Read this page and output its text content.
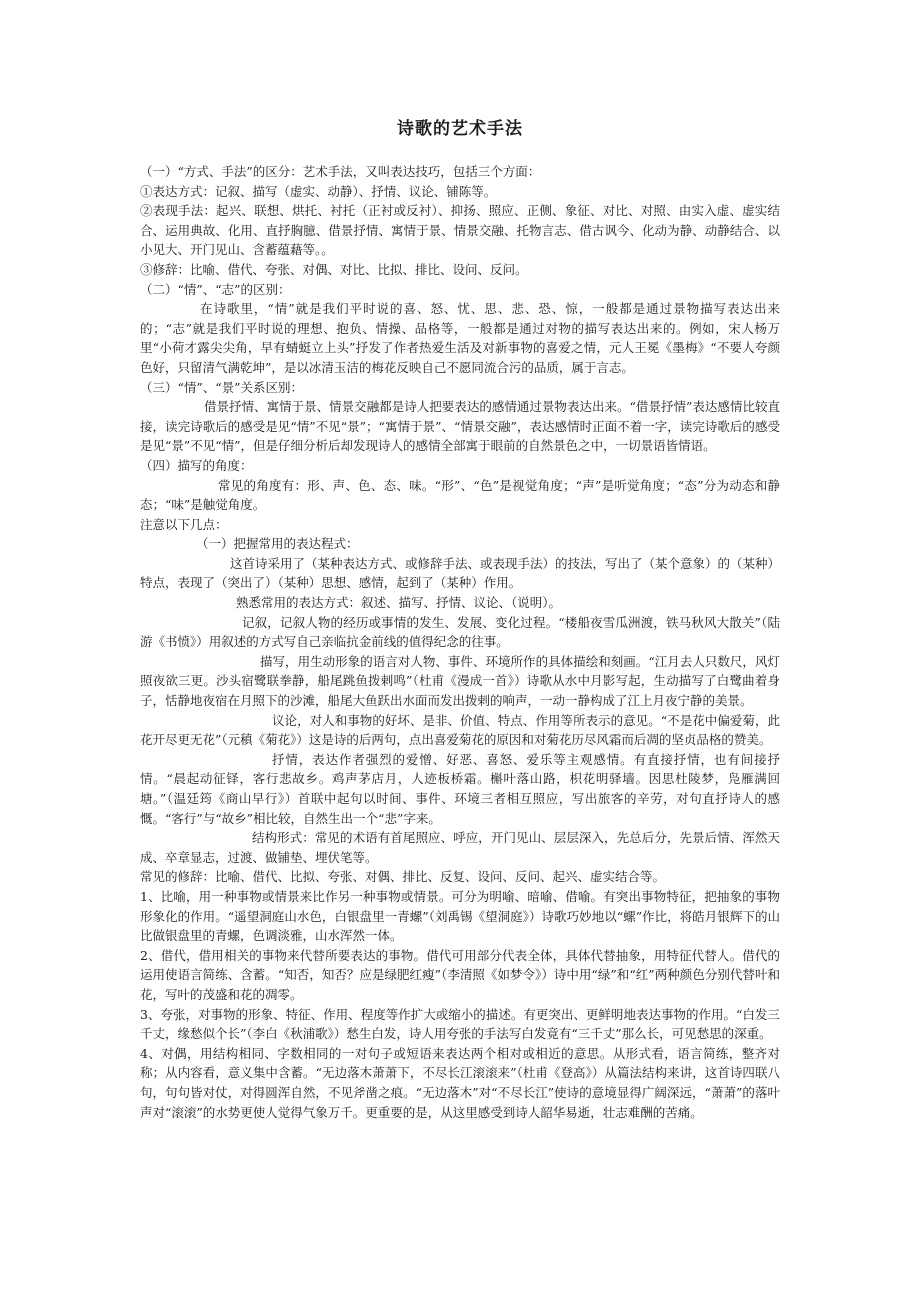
诗歌的艺术手法

（一）“方式、手法”的区分：艺术手法，又叫表达技巧，包括三个方面：

①表达方式：记叙、描写（虚实、动静）、抒情、议论、铺陈等。

②表现手法：起兴、联想、烘托、衬托（正衬或反衬）、抑扬、照应、正侧、象征、对比、对照、由实入虚、虚实结合、运用典故、化用、直抒胸臆、借景抒情、寓情于景、情景交融、托物言志、借古讽今、化动为静、动静结合、以小见大、开门见山、含蓄蕴藉等。。

③修辞：比喻、借代、夸张、对偶、对比、比拟、排比、设问、反问。

（二）“情”、“志”的区别：

在诗歌里，“情”就是我们平时说的喜、怒、忧、思、悲、恐、惊，一般都是通过景物描写表达出来的；“志”就是我们平时说的理想、抱负、情操、品格等，一般都是通过对物的描写表达出来的。例如，宋人杨万里“小荷才露尖尖角，早有蜻蜓立上头”抒发了作者热爱生活及对新事物的喜爱之情，元人王冕《墨梅》“不要人夸颜色好，只留清气满乾坤”，是以冰清玉洁的梅花反映自己不愿同流合污的品质，属于言志。

（三）“情”、“景”关系区别：

借景抒情、寓情于景、情景交融都是诗人把要表达的感情通过景物表达出来。“借景抒情”表达感情比较直接，读完诗歌后的感受是见“情”不见“景”；“寓情于景”、“情景交融”，表达感情时正面不着一字，读完诗歌后的感受是见“景”不见“情”，但是仔细分析后却发现诗人的感情全部寓于眼前的自然景色之中，一切景语皆情语。

（四）描写的角度：

常见的角度有：形、声、色、态、味。“形”、“色”是视觉角度；“声”是听觉角度；“态”分为动态和静态；“味”是触觉角度。

注意以下几点：

（一）把握常用的表达程式：

这首诗采用了（某种表达方式、或修辞手法、或表现手法）的技法，写出了（某个意象）的（某种）特点，表现了（突出了）（某种）思想、感情，起到了（某种）作用。

熟悉常用的表达方式：叙述、描写、抒情、议论、（说明）。

记叙，记叙人物的经历或事情的发生、发展、变化过程。“楼船夜雪瓜洲渡，铁马秋风大散关”（陆游《书愤》）用叙述的方式写自己亲临抗金前线的值得纪念的往事。

描写，用生动形象的语言对人物、事件、环境所作的具体描绘和刻画。“江月去人只数尺，风灯照夜欲三更。沙头宿鹭联拳静，船尾跳鱼拨剌鸣”（杜甫《漫成一首》）诗歌从水中月影写起，生动描写了白鹭曲着身子，恬静地夜宿在月照下的沙滩，船尾大鱼跃出水面而发出拨剌的响声，一动一静构成了江上月夜宁静的美景。

议论，对人和事物的好坏、是非、价值、特点、作用等所表示的意见。“不是花中偏爱菊，此花开尽更无花”（元稹《菊花》）这是诗的后两句，点出喜爱菊花的原因和对菊花历尽风霜而后凋的坚贞品格的赞美。

抒情，表达作者强烈的爱憎、好恶、喜怒、爱乐等主观感情。有直接抒情，也有间接抒情。“晨起动征铎，客行悲故乡。鸡声茅店月，人迹板桥霜。槲叶落山路，枳花明驿墙。因思杜陵梦，凫雁满回塘。”（温廷筠《商山早行》）首联中起句以时间、事件、环境三者相互照应，写出旅客的辛劳，对句直抒诗人的感慨。“客行”与“故乡”相比较，自然生出一个“悲”字来。

结构形式：常见的术语有首尾照应、呼应，开门见山、层层深入，先总后分，先景后情、浑然天成、卒章显志，过渡、做铺垫、埋伏笔等。

常见的修辞：比喻、借代、比拟、夸张、对偶、排比、反复、设问、反问、起兴、虚实结合等。

1、比喻，用一种事物或情景来比作另一种事物或情景。可分为明喻、暗喻、借喻。有突出事物特征，把抽象的事物形象化的作用。“遥望洞庭山水色，白银盘里一青螺”（刘禹锡《望洞庭》）诗歌巧妙地以“螺”作比，将皓月银辉下的山比做银盘里的青螺，色调淡雅，山水浑然一体。

2、借代，借用相关的事物来代替所要表达的事物。借代可用部分代表全体，具体代替抽象，用特征代替人。借代的运用使语言简练、含蓄。“知否，知否？应是绿肥红瘦”（李清照《如梦令》）诗中用“绿”和“红”两种颜色分别代替叶和花，写叶的茂盛和花的凋零。

3、夸张，对事物的形象、特征、作用、程度等作扩大或缩小的描述。有更突出、更鲜明地表达事物的作用。“白发三千丈，缘愁似个长”（李白《秋浦歌》）愁生白发，诗人用夸张的手法写白发竟有“三千丈”那么长，可见愁思的深重。

4、对偶，用结构相同、字数相同的一对句子或短语来表达两个相对或相近的意思。从形式看，语言简练，整齐对称；从内容看，意义集中含蓄。“无边落木萧萧下，不尽长江滚滚来”（杜甫《登高》）从篇法结构来讲，这首诗四联八句，句句皆对仗，对得圆浑自然，不见斧凿之痕。“无边落木”对“不尽长江”使诗的意境显得广阔深远，“萧萧”的落叶声对“滚滚”的水势更使人觉得气象万千。更重要的是，从这里感受到诗人韶华易逝，壮志难酬的苦痛。
